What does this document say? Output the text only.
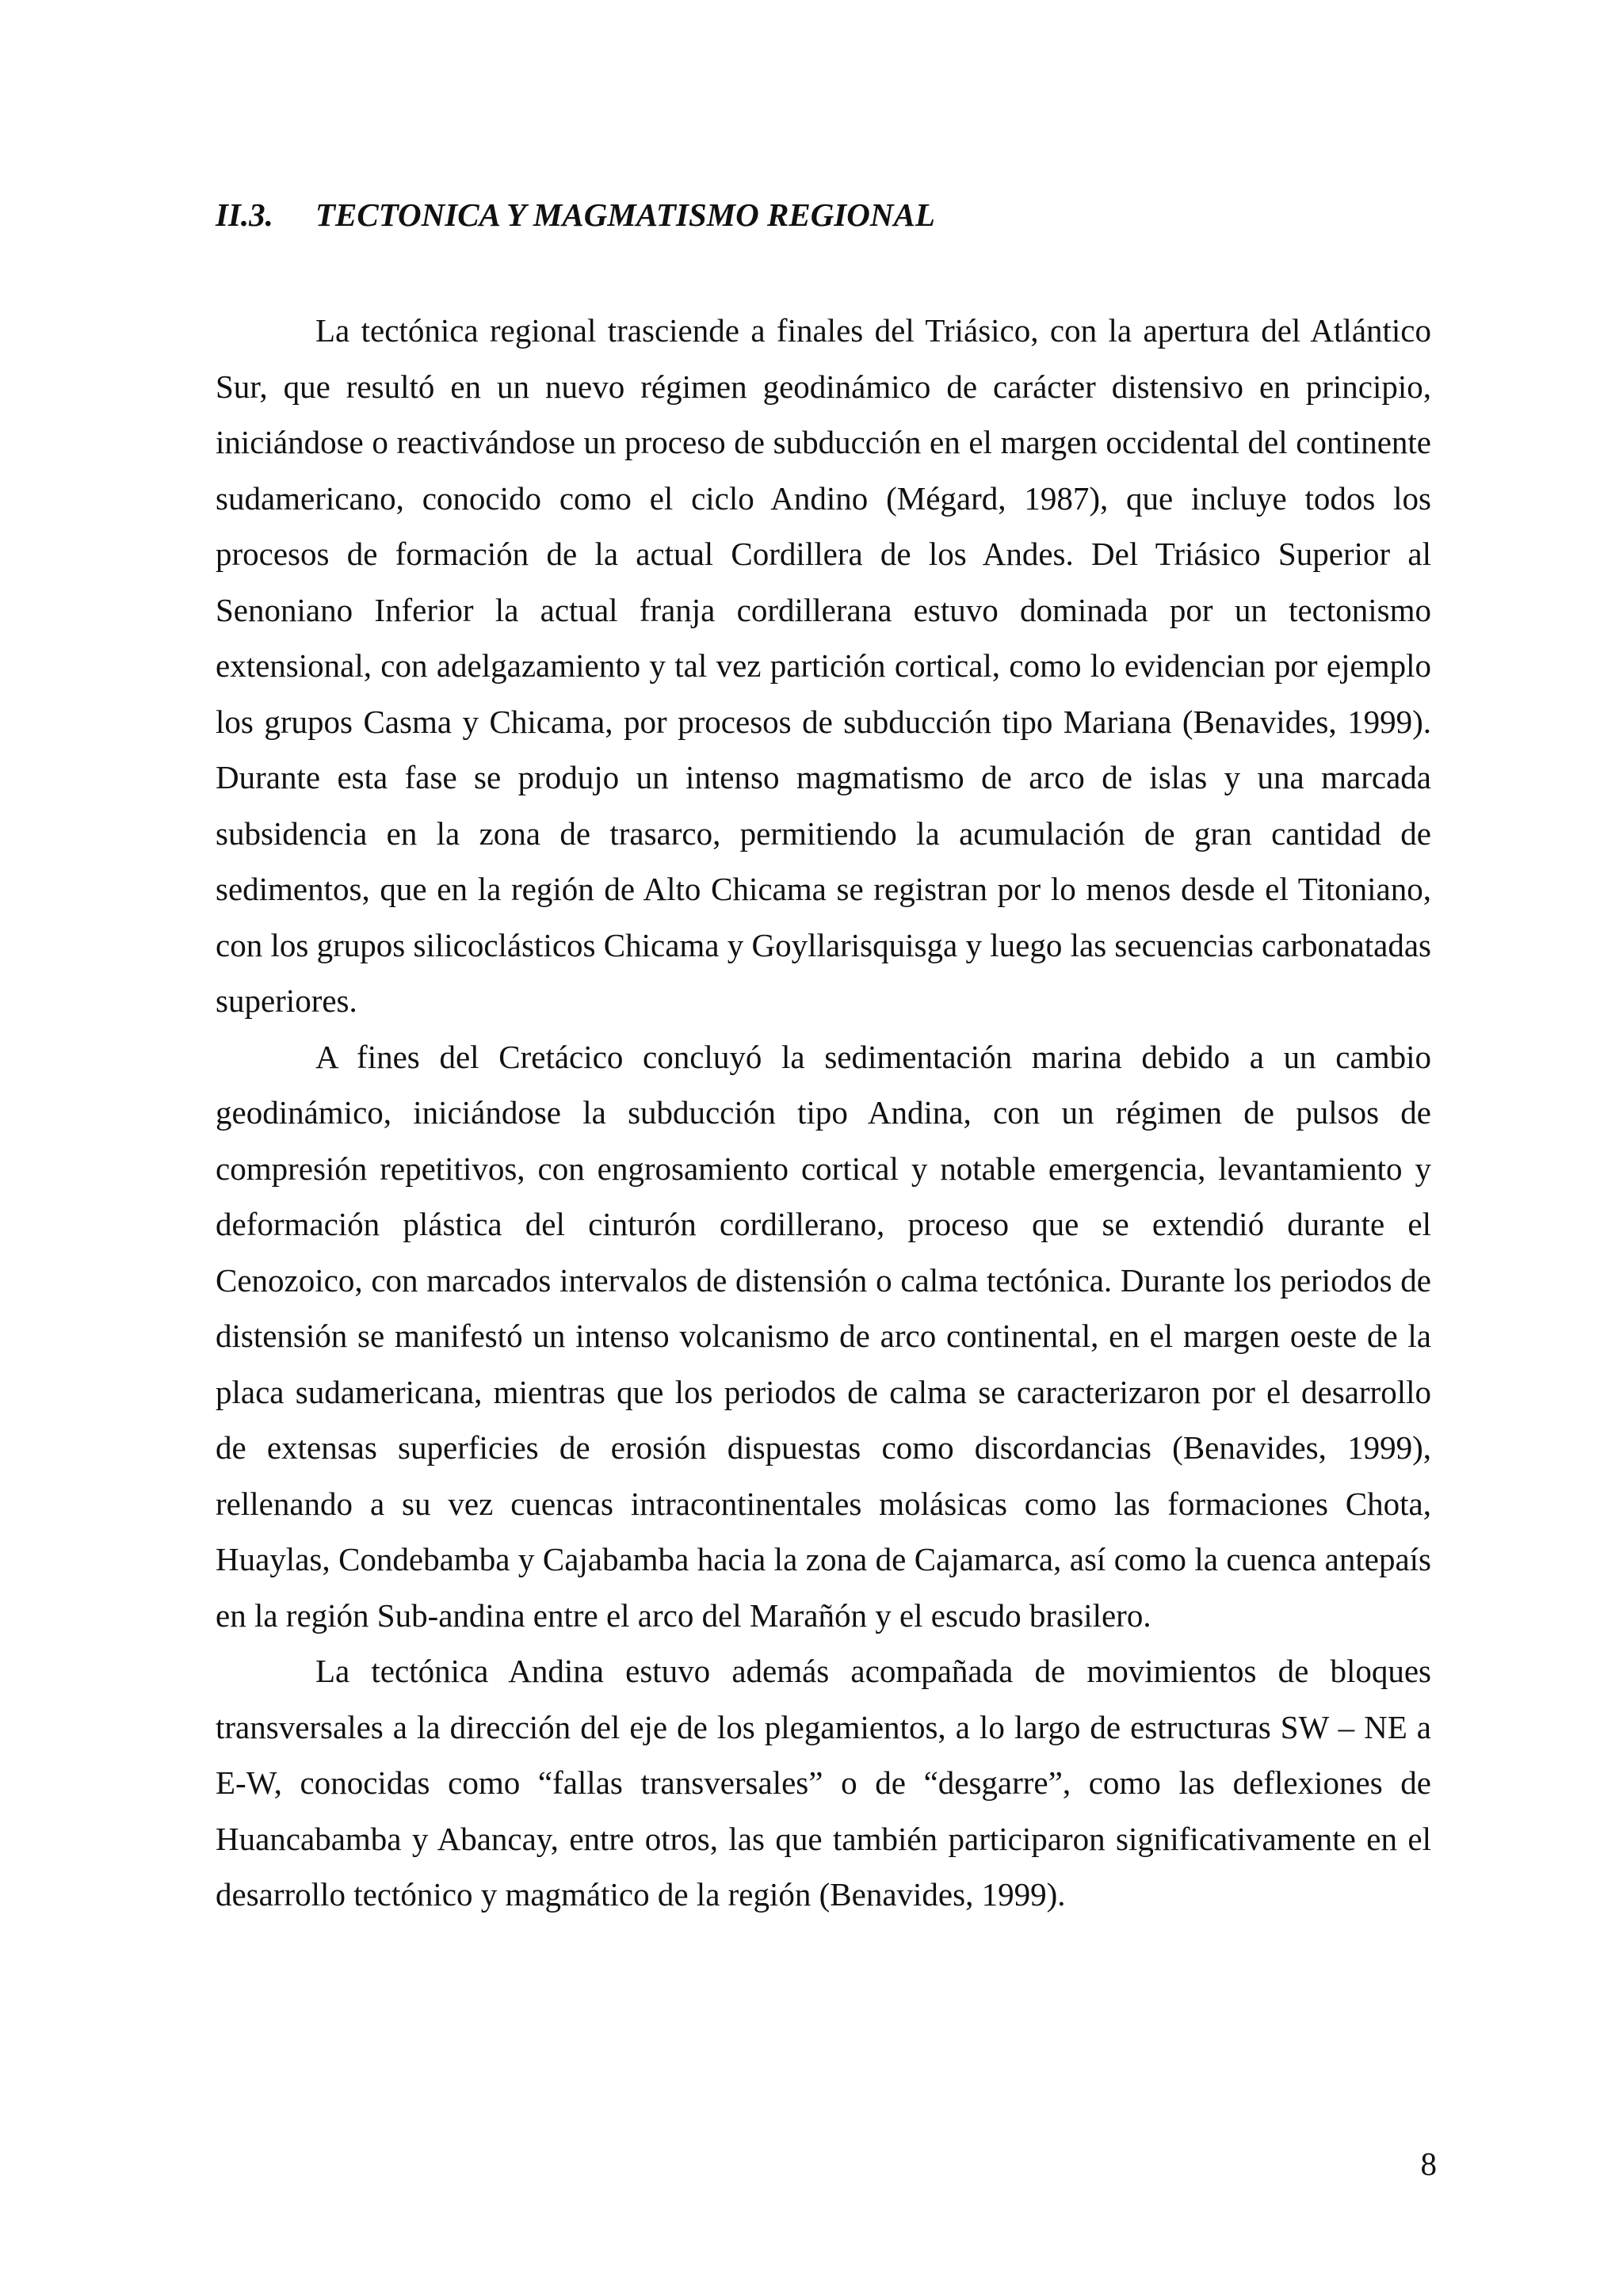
II.3. TECTONICA Y MAGMATISMO REGIONAL

La tectónica regional trasciende a finales del Triásico, con la apertura del Atlántico Sur, que resultó en un nuevo régimen geodinámico de carácter distensivo en principio, iniciándose o reactivándose un proceso de subducción en el margen occidental del continente sudamericano, conocido como el ciclo Andino (Mégard, 1987), que incluye todos los procesos de formación de la actual Cordillera de los Andes. Del Triásico Superior al Senoniano Inferior la actual franja cordillerana estuvo dominada por un tectonismo extensional, con adelgazamiento y tal vez partición cortical, como lo evidencian por ejemplo los grupos Casma y Chicama, por procesos de subducción tipo Mariana (Benavides, 1999). Durante esta fase se produjo un intenso magmatismo de arco de islas y una marcada subsidencia en la zona de trasarco, permitiendo la acumulación de gran cantidad de sedimentos, que en la región de Alto Chicama se registran por lo menos desde el Titoniano, con los grupos silicoclásticos Chicama y Goyllarisquisga y luego las secuencias carbonatadas superiores.

A fines del Cretácico concluyó la sedimentación marina debido a un cambio geodinámico, iniciándose la subducción tipo Andina, con un régimen de pulsos de compresión repetitivos, con engrosamiento cortical y notable emergencia, levantamiento y deformación plástica del cinturón cordillerano, proceso que se extendió durante el Cenozoico, con marcados intervalos de distensión o calma tectónica. Durante los periodos de distensión se manifestó un intenso volcanismo de arco continental, en el margen oeste de la placa sudamericana, mientras que los periodos de calma se caracterizaron por el desarrollo de extensas superficies de erosión dispuestas como discordancias (Benavides, 1999), rellenando a su vez cuencas intracontinentales molásicas como las formaciones Chota, Huaylas, Condebamba y Cajabamba hacia la zona de Cajamarca, así como la cuenca antepaís en la región Sub-andina entre el arco del Marañón y el escudo brasilero.

La tectónica Andina estuvo además acompañada de movimientos de bloques transversales a la dirección del eje de los plegamientos, a lo largo de estructuras SW – NE a E-W, conocidas como “fallas transversales” o de “desgarre”, como las deflexiones de Huancabamba y Abancay, entre otros, las que también participaron significativamente en el desarrollo tectónico y magmático de la región (Benavides, 1999).

8
